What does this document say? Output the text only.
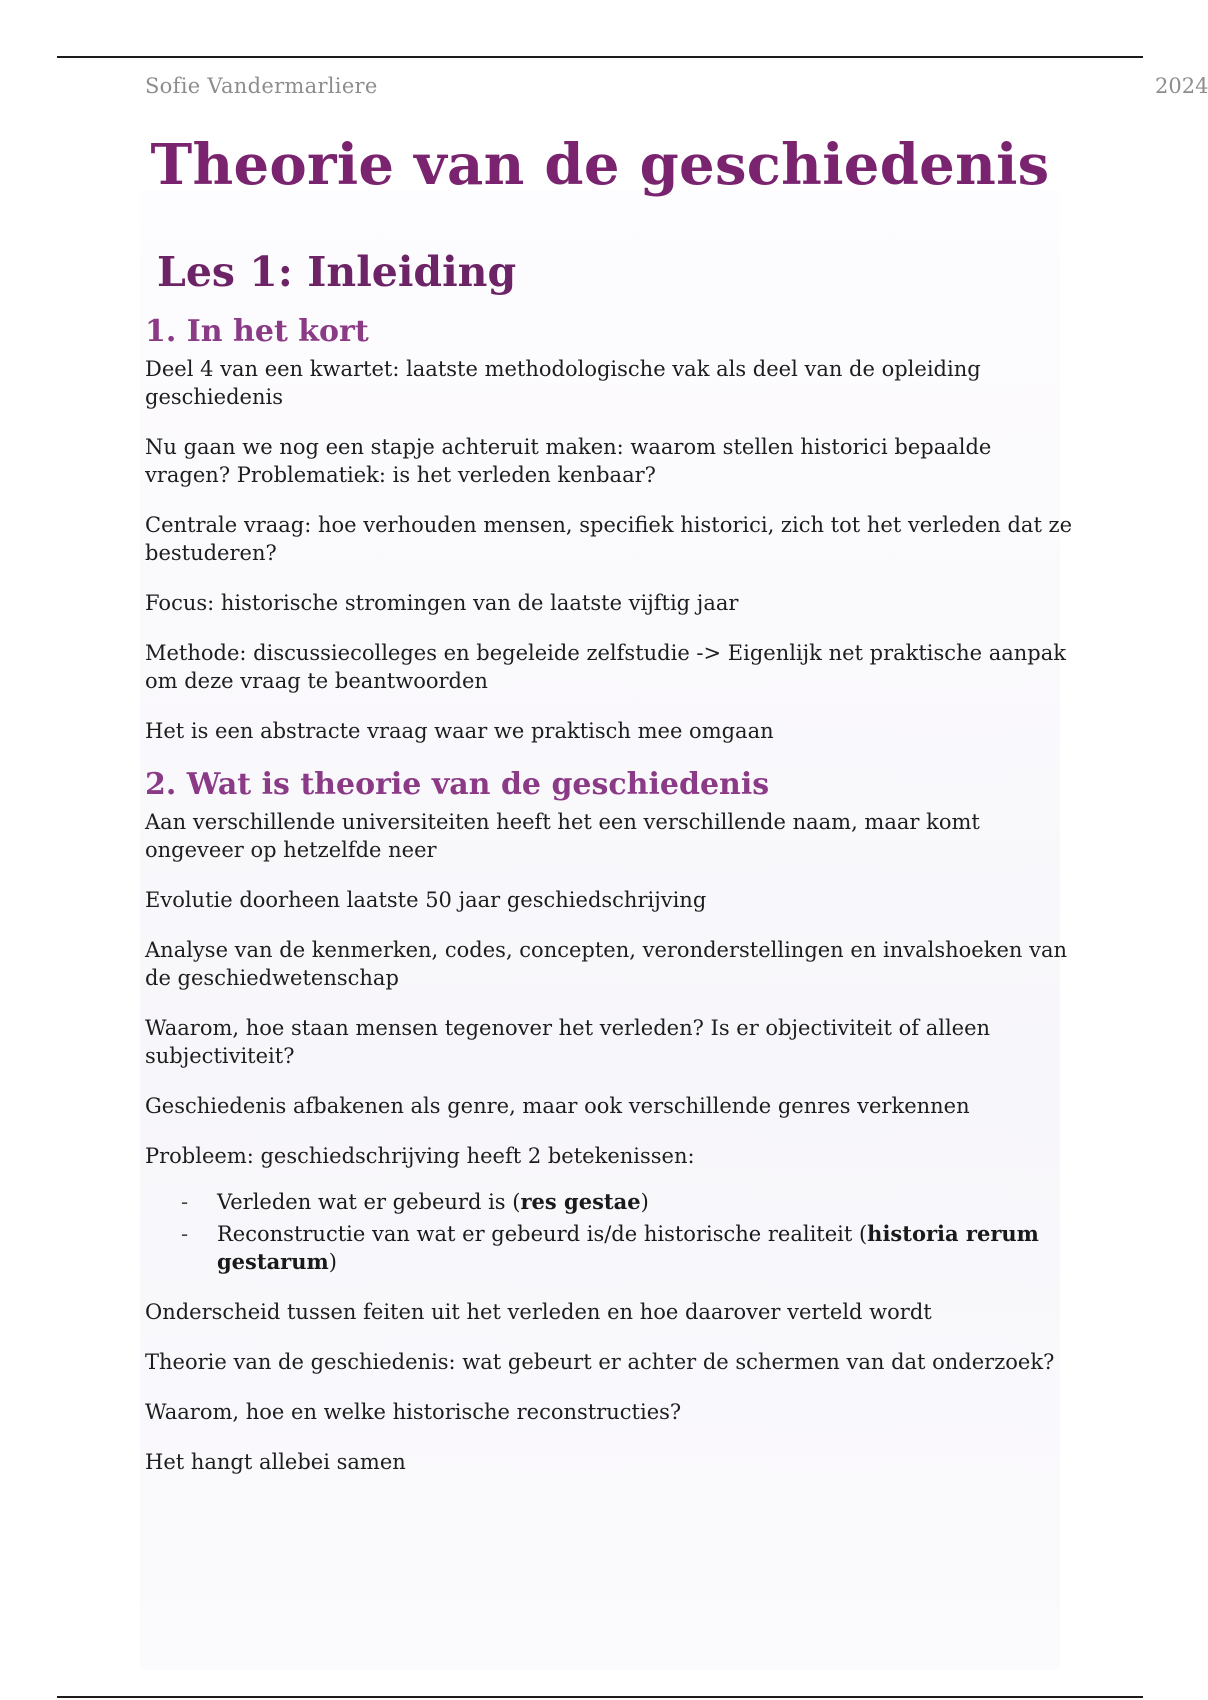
Sofie Vandermarliere	2024
Theorie van de geschiedenis
Les 1: Inleiding
1. In het kort

Deel 4 van een kwartet: laatste methodologische vak als deel van de opleiding geschiedenis

Nu gaan we nog een stapje achteruit maken: waarom stellen historici bepaalde vragen? Problematiek: is het verleden kenbaar?

Centrale vraag: hoe verhouden mensen, specifiek historici, zich tot het verleden dat ze bestuderen?

Focus: historische stromingen van de laatste vijftig jaar

Methode: discussiecolleges en begeleide zelfstudie -> Eigenlijk net praktische aanpak om deze vraag te beantwoorden

Het is een abstracte vraag waar we praktisch mee omgaan

2. Wat is theorie van de geschiedenis

Aan verschillende universiteiten heeft het een verschillende naam, maar komt ongeveer op hetzelfde neer

Evolutie doorheen laatste 50 jaar geschiedschrijving

Analyse van de kenmerken, codes, concepten, veronderstellingen en invalshoeken van de geschiedwetenschap

Waarom, hoe staan mensen tegenover het verleden? Is er objectiviteit of alleen subjectiviteit?

Geschiedenis afbakenen als genre, maar ook verschillende genres verkennen

Probleem: geschiedschrijving heeft 2 betekenissen:

- Verleden wat er gebeurd is (res gestae)
- Reconstructie van wat er gebeurd is/de historische realiteit (historia rerum gestarum)

Onderscheid tussen feiten uit het verleden en hoe daarover verteld wordt

Theorie van de geschiedenis: wat gebeurt er achter de schermen van dat onderzoek?

Waarom, hoe en welke historische reconstructies?

Het hangt allebei samen
